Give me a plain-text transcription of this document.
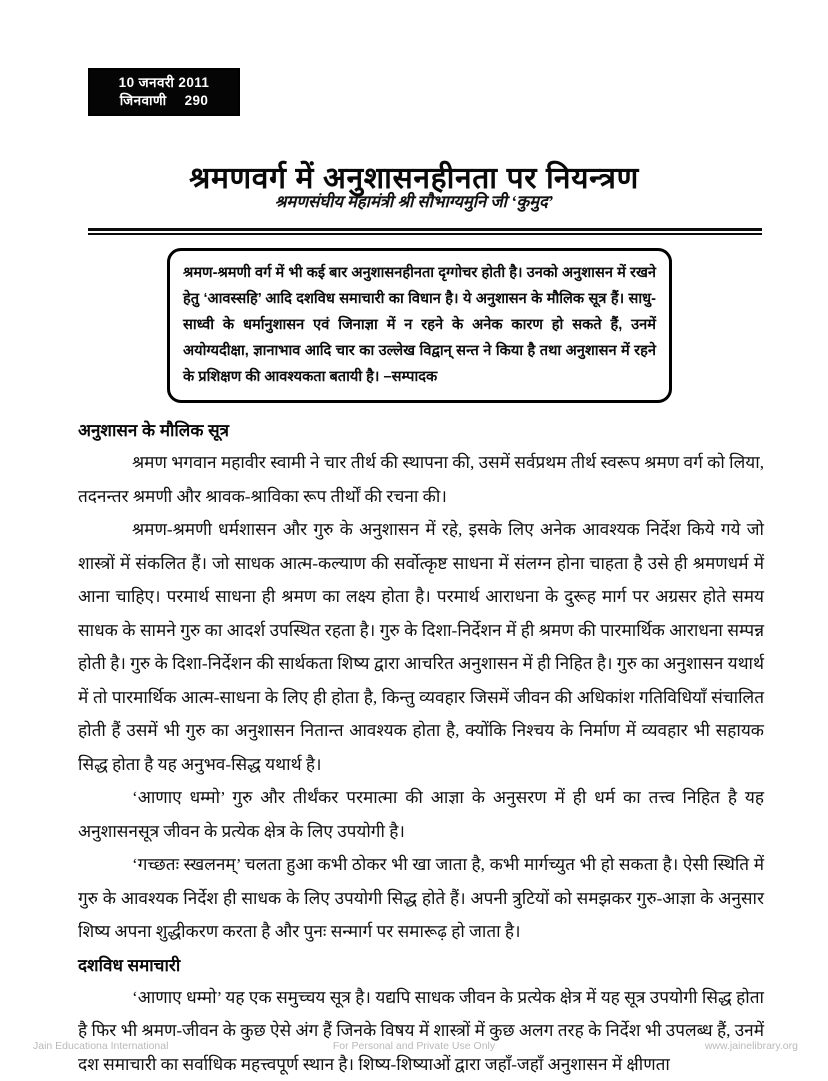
10 जनवरी 2011
जिनवाणी 290
श्रमणवर्ग में अनुशासनहीनता पर नियन्त्रण
श्रमणसंघीय महामंत्री श्री सौभाग्यमुनि जी ‘कुमुद’

श्रमण-श्रमणी वर्ग में भी कई बार अनुशासनहीनता दृग्गोचर होती है। उनको अनुशासन में रखने हेतु ‘आवस्सहि’ आदि दशविध समाचारी का विधान है। ये अनुशासन के मौलिक सूत्र हैं। साधु-साध्वी के धर्मानुशासन एवं जिनाज्ञा में न रहने के अनेक कारण हो सकते हैं, उनमें अयोग्यदीक्षा, ज्ञानाभाव आदि चार का उल्लेख विद्वान् सन्त ने किया है तथा अनुशासन में रहने के प्रशिक्षण की आवश्यकता बतायी है। –सम्पादक

अनुशासन के मौलिक सूत्र

श्रमण भगवान महावीर स्वामी ने चार तीर्थ की स्थापना की, उसमें सर्वप्रथम तीर्थ स्वरूप श्रमण वर्ग को लिया, तदनन्तर श्रमणी और श्रावक-श्राविका रूप तीर्थों की रचना की।

श्रमण-श्रमणी धर्मशासन और गुरु के अनुशासन में रहे, इसके लिए अनेक आवश्यक निर्देश किये गये जो शास्त्रों में संकलित हैं। जो साधक आत्म-कल्याण की सर्वोत्कृष्ट साधना में संलग्न होना चाहता है उसे ही श्रमणधर्म में आना चाहिए। परमार्थ साधना ही श्रमण का लक्ष्य होता है। परमार्थ आराधना के दुरूह मार्ग पर अग्रसर होते समय साधक के सामने गुरु का आदर्श उपस्थित रहता है। गुरु के दिशा-निर्देशन में ही श्रमण की पारमार्थिक आराधना सम्पन्न होती है। गुरु के दिशा-निर्देशन की सार्थकता शिष्य द्वारा आचरित अनुशासन में ही निहित है। गुरु का अनुशासन यथार्थ में तो पारमार्थिक आत्म-साधना के लिए ही होता है, किन्तु व्यवहार जिसमें जीवन की अधिकांश गतिविधियाँ संचालित होती हैं उसमें भी गुरु का अनुशासन नितान्त आवश्यक होता है, क्योंकि निश्चय के निर्माण में व्यवहार भी सहायक सिद्ध होता है यह अनुभव-सिद्ध यथार्थ है।

‘आणाए धम्मो’ गुरु और तीर्थंकर परमात्मा की आज्ञा के अनुसरण में ही धर्म का तत्त्व निहित है यह अनुशासनसूत्र जीवन के प्रत्येक क्षेत्र के लिए उपयोगी है।

‘गच्छतः स्खलनम्’ चलता हुआ कभी ठोकर भी खा जाता है, कभी मार्गच्युत भी हो सकता है। ऐसी स्थिति में गुरु के आवश्यक निर्देश ही साधक के लिए उपयोगी सिद्ध होते हैं। अपनी त्रुटियों को समझकर गुरु-आज्ञा के अनुसार शिष्य अपना शुद्धीकरण करता है और पुनः सन्मार्ग पर समारूढ़ हो जाता है।

दशविध समाचारी

‘आणाए धम्मो’ यह एक समुच्चय सूत्र है। यद्यपि साधक जीवन के प्रत्येक क्षेत्र में यह सूत्र उपयोगी सिद्ध होता है फिर भी श्रमण-जीवन के कुछ ऐसे अंग हैं जिनके विषय में शास्त्रों में कुछ अलग तरह के निर्देश भी उपलब्ध हैं, उनमें दश समाचारी का सर्वाधिक महत्त्वपूर्ण स्थान है। शिष्य-शिष्याओं द्वारा जहाँ-जहाँ अनुशासन में क्षीणता

Jain Educationa International	For Personal and Private Use Only	www.jainelibrary.org
